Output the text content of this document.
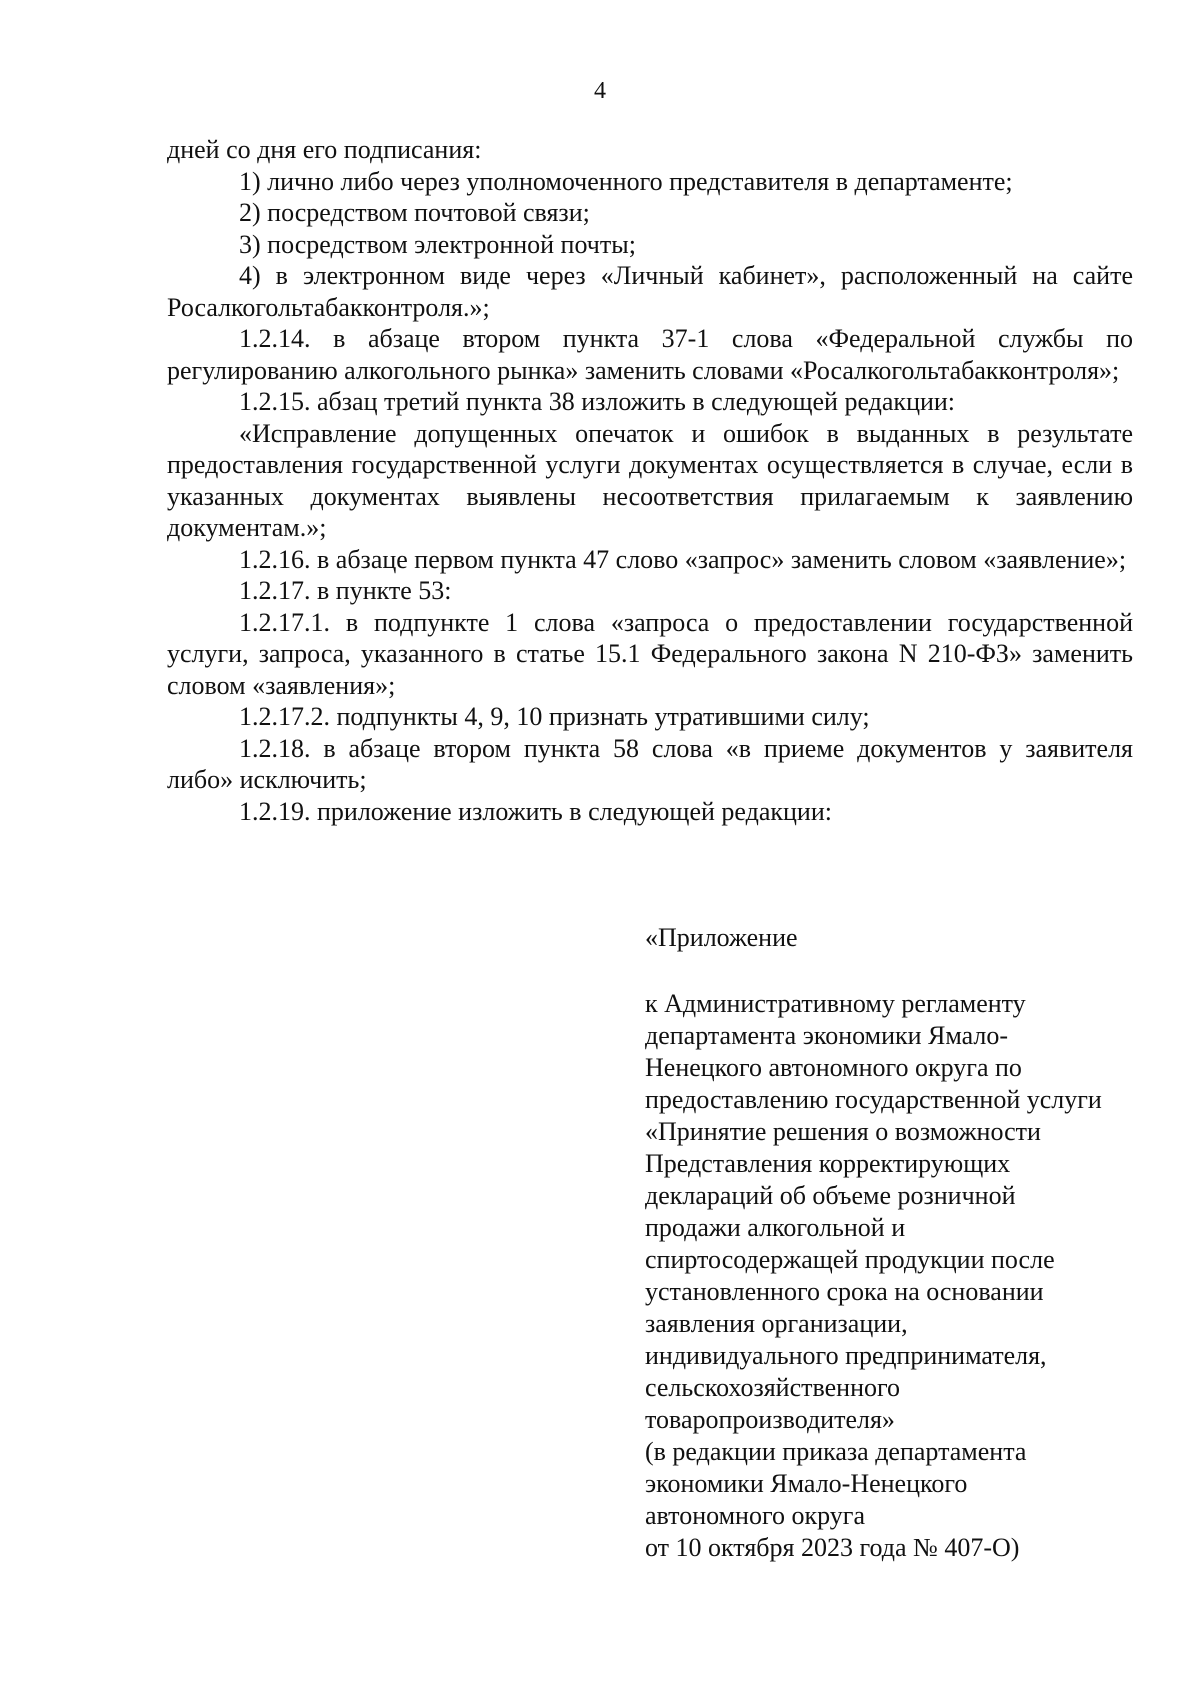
4

дней со дня его подписания:

1) лично либо через уполномоченного представителя в департаменте;

2) посредством почтовой связи;

3) посредством электронной почты;

4) в электронном виде через «Личный кабинет», расположенный на сайте Росалкогольтабакконтроля.»;

1.2.14. в абзаце втором пункта 37-1 слова «Федеральной службы по регулированию алкогольного рынка» заменить словами «Росалкогольтабакконтроля»;

1.2.15. абзац третий пункта 38 изложить в следующей редакции:

«Исправление допущенных опечаток и ошибок в выданных в результате предоставления государственной услуги документах осуществляется в случае, если в указанных документах выявлены несоответствия прилагаемым к заявлению документам.»;

1.2.16. в абзаце первом пункта 47 слово «запрос» заменить словом «заявление»;

1.2.17. в пункте 53:

1.2.17.1. в подпункте 1 слова «запроса о предоставлении государственной услуги, запроса, указанного в статье 15.1 Федерального закона N 210-ФЗ» заменить словом «заявления»;

1.2.17.2. подпункты 4, 9, 10 признать утратившими силу;

1.2.18. в абзаце втором пункта 58 слова «в приеме документов у заявителя либо» исключить;

1.2.19. приложение изложить в следующей редакции:

«Приложение
к Административному регламенту
департамента экономики Ямало-
Ненецкого автономного округа по
предоставлению государственной услуги
«Принятие решения о возможности
Представления корректирующих
деклараций об объеме розничной
продажи алкогольной и
спиртосодержащей продукции после
установленного срока на основании
заявления организации,
индивидуального предпринимателя,
сельскохозяйственного
товаропроизводителя»
(в редакции приказа департамента
экономики Ямало-Ненецкого
автономного округа
от 10 октября 2023 года № 407-О)
